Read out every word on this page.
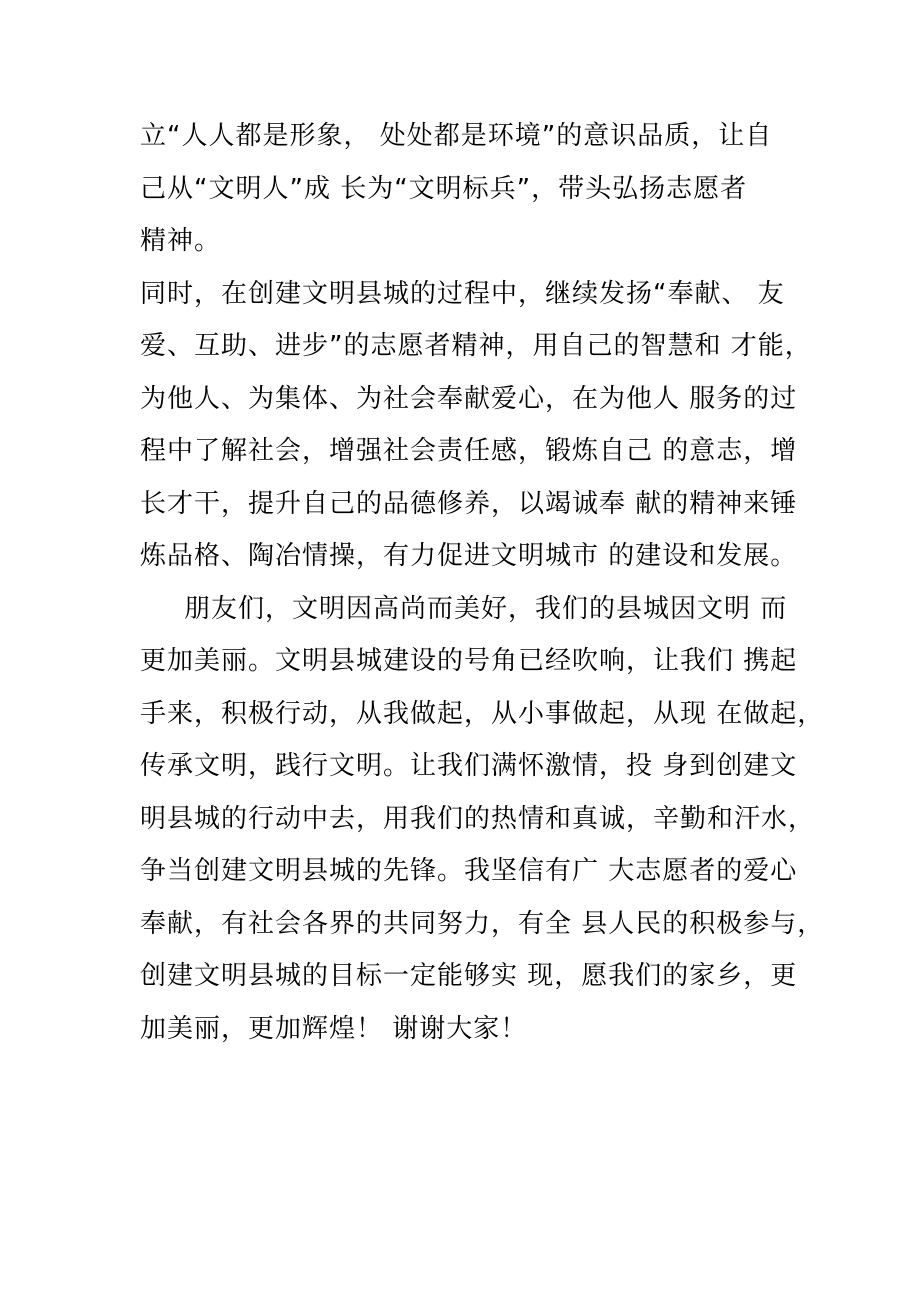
立“人人都是形象， 处处都是环境”的意识品质，让自
己从“文明人”成 长为“文明标兵”，带头弘扬志愿者
精神。
同时，在创建文明县城的过程中，继续发扬“奉献、 友
爱、互助、进步”的志愿者精神，用自己的智慧和 才能，
为他人、为集体、为社会奉献爱心，在为他人 服务的过
程中了解社会，增强社会责任感，锻炼自己 的意志，增
长才干，提升自己的品德修养，以竭诚奉 献的精神来锤
炼品格、陶冶情操，有力促进文明城市 的建设和发展。
朋友们，文明因高尚而美好，我们的县城因文明 而
更加美丽。文明县城建设的号角已经吹响，让我们 携起
手来，积极行动，从我做起，从小事做起，从现 在做起，
传承文明，践行文明。让我们满怀激情，投 身到创建文
明县城的行动中去，用我们的热情和真诚，辛勤和汗水，
争当创建文明县城的先锋。我坚信有广 大志愿者的爱心
奉献，有社会各界的共同努力，有全 县人民的积极参与，
创建文明县城的目标一定能够实 现，愿我们的家乡，更
加美丽，更加辉煌！ 谢谢大家！
